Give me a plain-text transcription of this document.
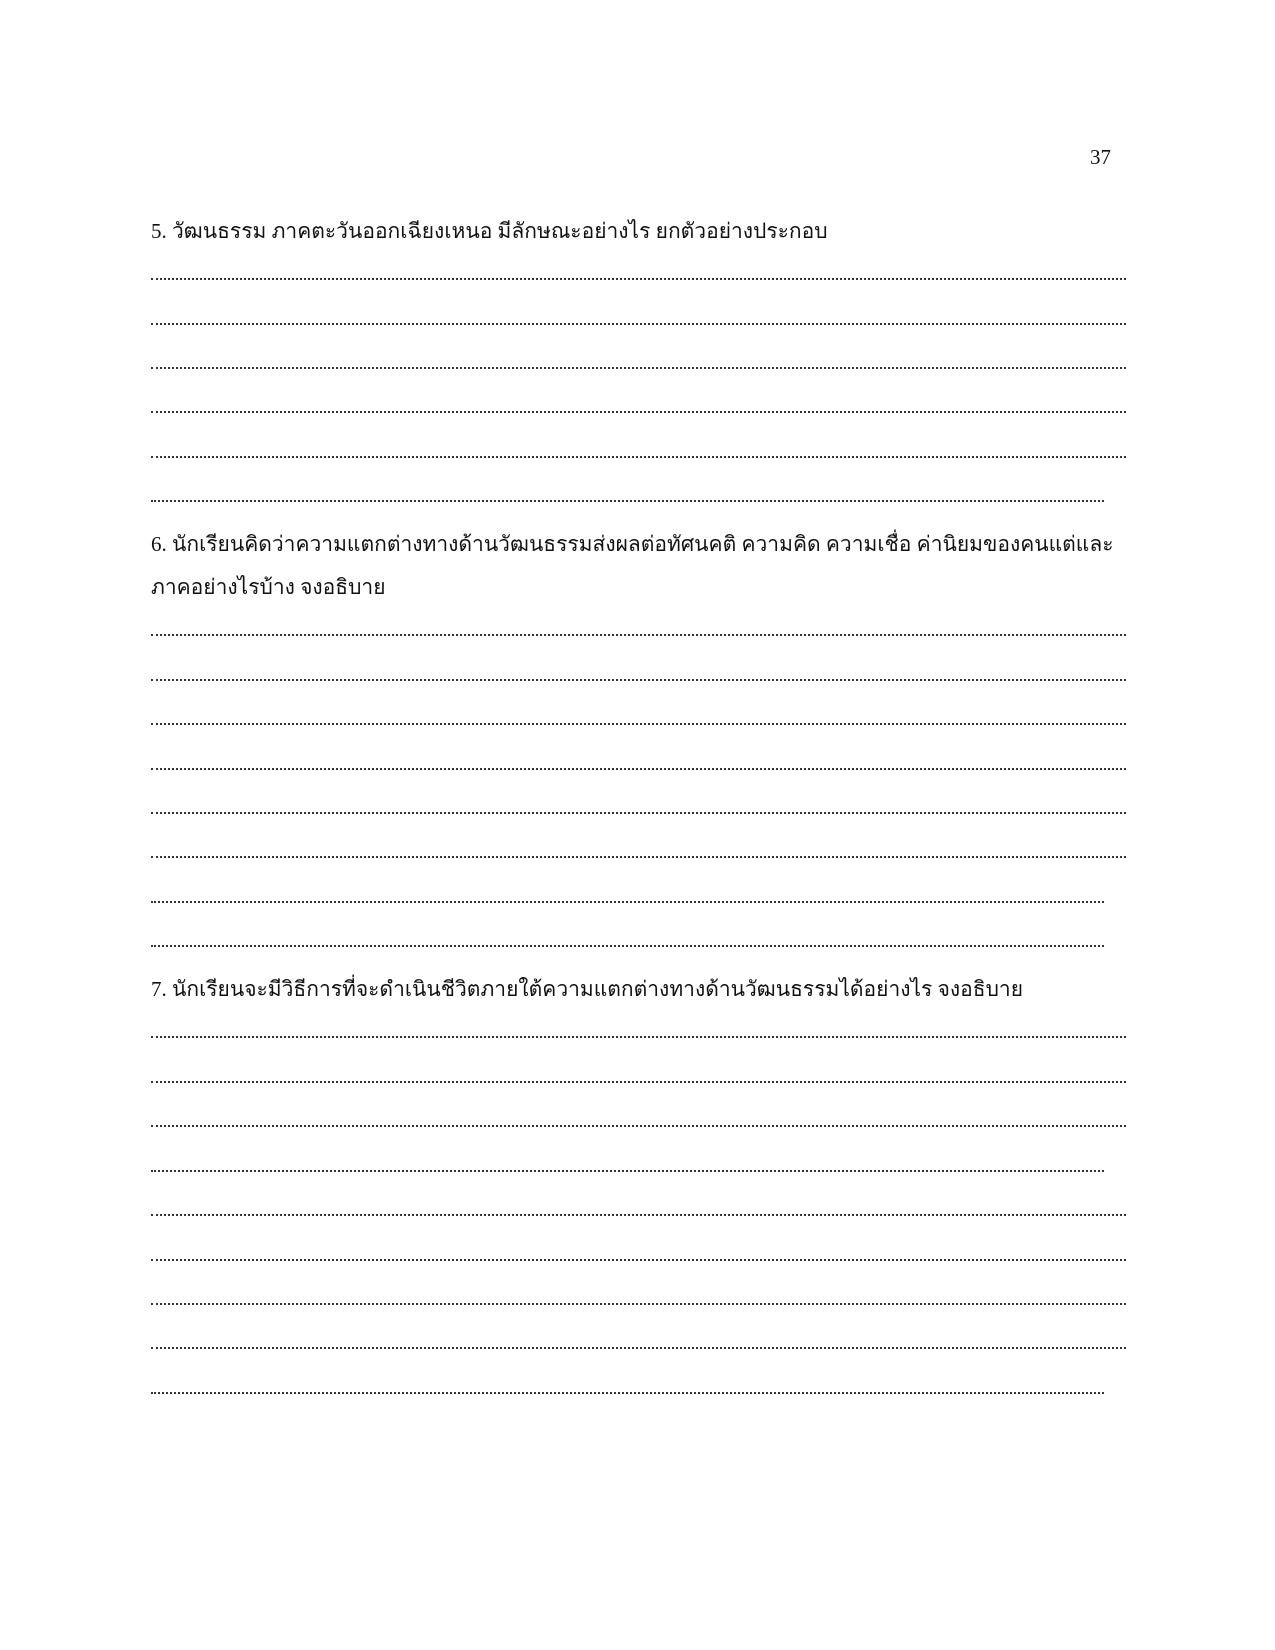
37
5. วัฒนธรรม ภาคตะวันออกเฉียงเหนอ มีลักษณะอย่างไร ยกตัวอย่างประกอบ
6. นักเรียนคิดว่าความแตกต่างทางด้านวัฒนธรรมส่งผลต่อทัศนคติ ความคิด ความเชื่อ ค่านิยมของคนแต่และภาคอย่างไรบ้าง จงอธิบาย
7. นักเรียนจะมีวิธีการที่จะดำเนินชีวิตภายใต้ความแตกต่างทางด้านวัฒนธรรมได้อย่างไร จงอธิบาย
